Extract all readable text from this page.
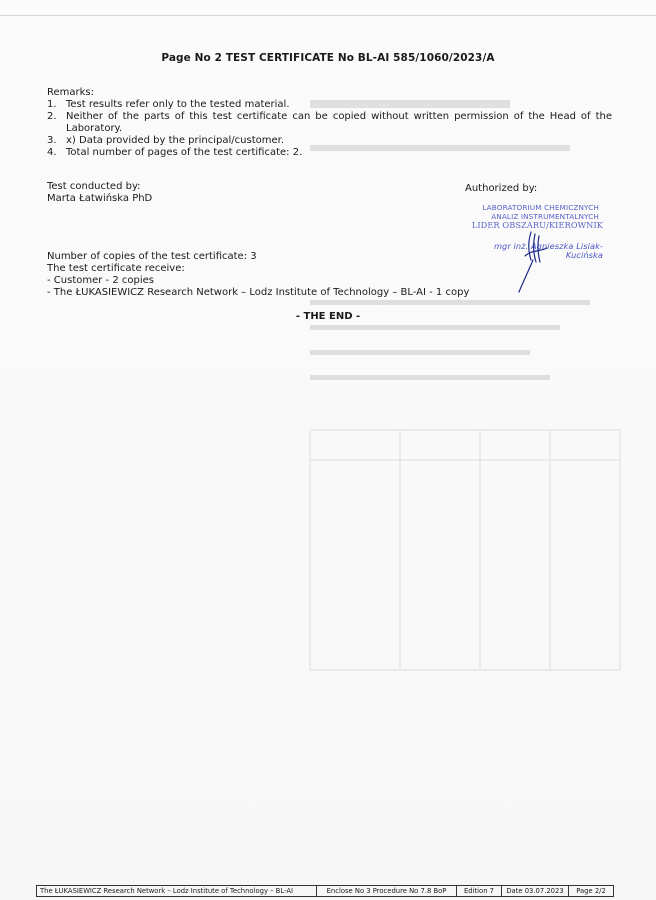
Page No 2 TEST CERTIFICATE No BL-AI 585/1060/2023/A
Remarks:
1. Test results refer only to the tested material.
2. Neither of the parts of this test certificate can be copied without written permission of the Head of the Laboratory.
3. x) Data provided by the principal/customer.
4. Total number of pages of the test certificate: 2.
Test conducted by:
Marta Łatwińska PhD
Authorized by:
LABORATORIUM CHEMICZNYCH
ANALIZ INSTRUMENTALNYCH
LIDER OBSZARU/KIEROWNIK
mgr inż. Agnieszka Lisiak-Kucińska
Number of copies of the test certificate: 3
The test certificate receive:
- Customer - 2 copies
- The ŁUKASIEWICZ Research Network – Lodz Institute of Technology – BL-AI - 1 copy
- THE END -
The ŁUKASIEWICZ Research Network – Lodz Institute of Technology – BL-AI	Enclose No 3 Procedure No 7.8 BoP	Edition 7	Date 03.07.2023	Page 2/2
